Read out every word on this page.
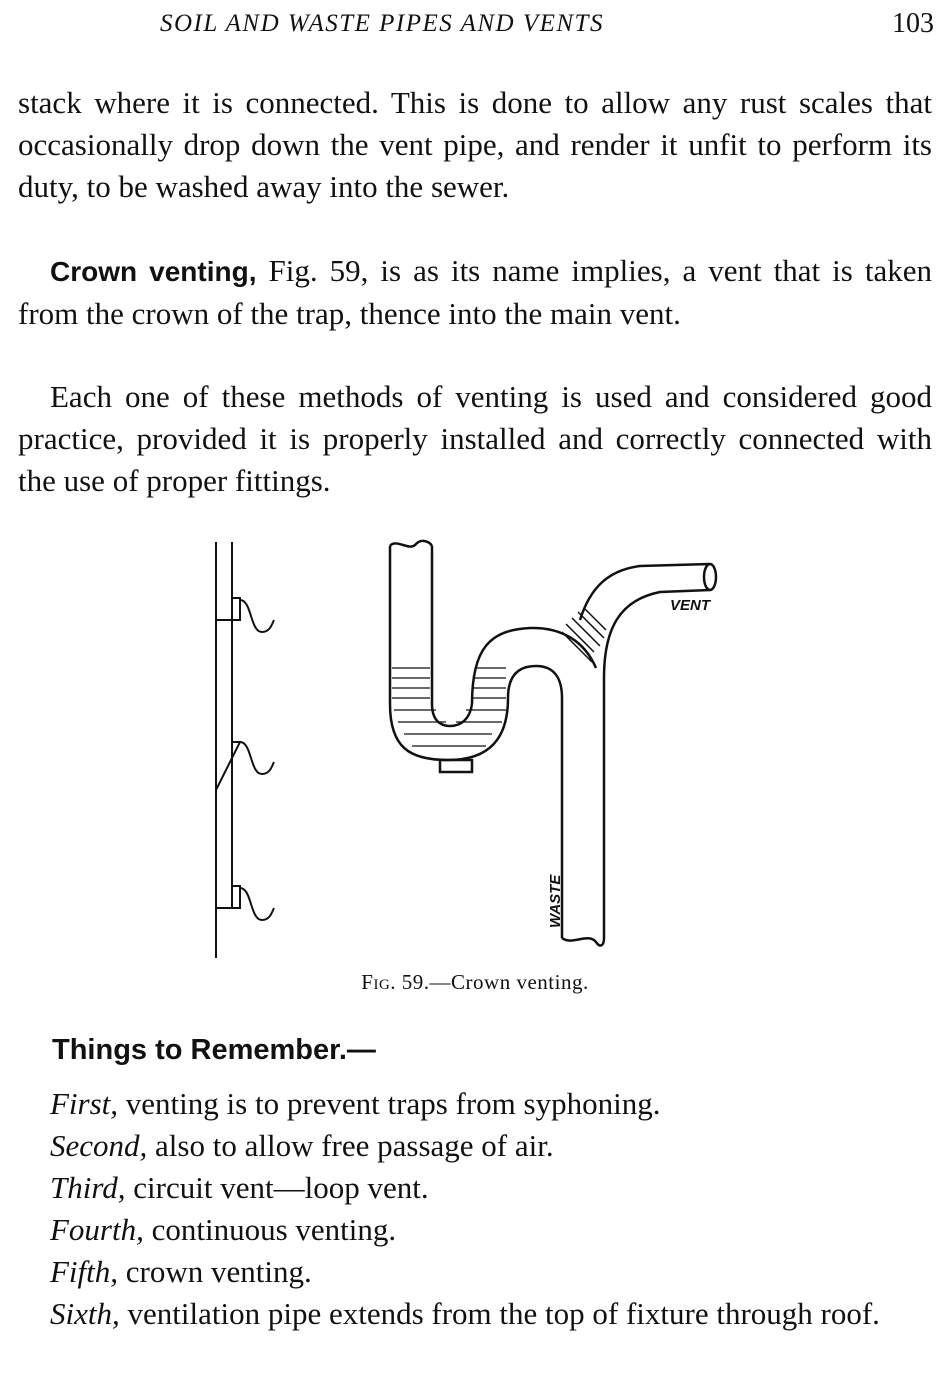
SOIL AND WASTE PIPES AND VENTS	103

stack where it is connected. This is done to allow any rust scales that occasionally drop down the vent pipe, and render it unfit to perform its duty, to be washed away into the sewer.

Crown venting, Fig. 59, is as its name implies, a vent that is taken from the crown of the trap, thence into the main vent.

Each one of these methods of venting is used and considered good practice, provided it is properly installed and correctly connected with the use of proper fittings.

VENT
WASTE
Fig. 59.—Crown venting.
Things to Remember.—
First, venting is to prevent traps from syphoning.
Second, also to allow free passage of air.
Third, circuit vent—loop vent.
Fourth, continuous venting.
Fifth, crown venting.
Sixth, ventilation pipe extends from the top of fixture through roof.
